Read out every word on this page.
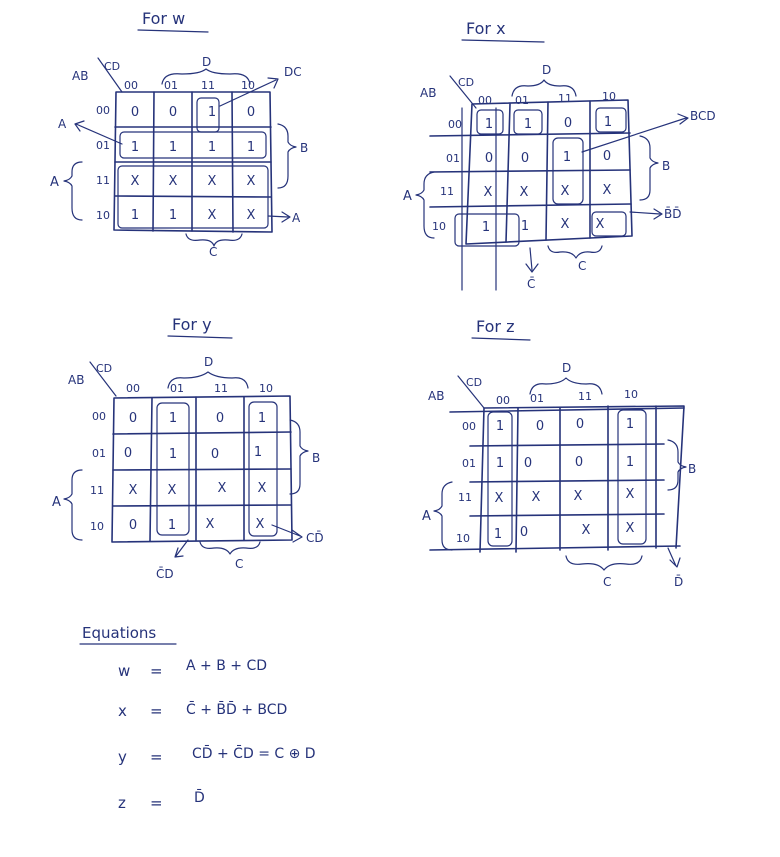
For w
AB
CD	D
00 01 11 10
00
01
11
10
0 0 1 0
1 1 1 1
X X X X
1 1 X X
DC
A
A
B
A
C
For x
AB
CD
D
00 01	11	10
00
01
11
10
1 1 0 1
0 0	1 0
X X X	X
1 1 X X
BCD
B̄D̄
C̄
B
A
C
For y
AB
CD	D
00	01	11	10
00
01
11
10
0 1	0	1
0	1	0	1
X X	X X
0 1 X	X
CD̄
C̄D
B
A
C
For z
AB
CD
D
00 01	11	10
00
01
11
10
1 0 0	1
1 0	0	1
X X	X	X
1 0	X	X
D̄
B
A
C
Equations
w = A + B + CD
x = C̄ + B̄D̄ + BCD
y = CD̄ + C̄D = C ⊕ D
z = D̄
